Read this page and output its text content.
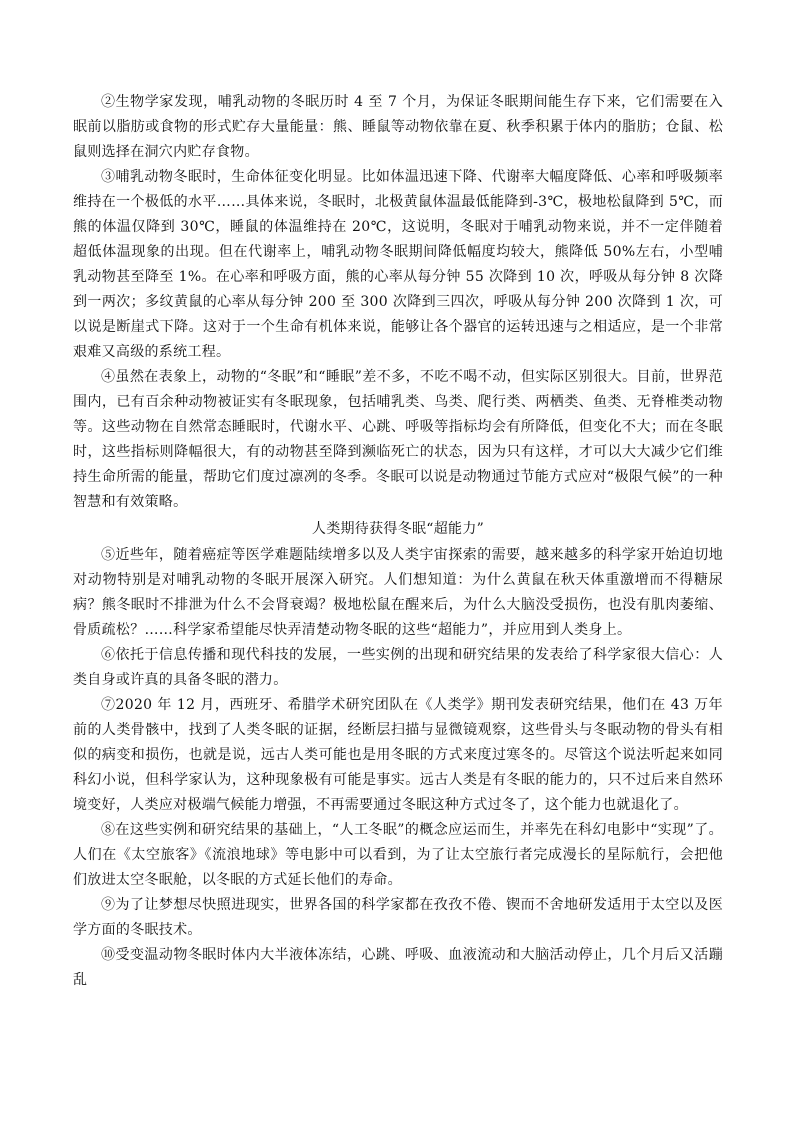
②生物学家发现，哺乳动物的冬眠历时 4 至 7 个月，为保证冬眠期间能生存下来，它们需要在入眠前以脂肪或食物的形式贮存大量能量：熊、睡鼠等动物依靠在夏、秋季积累于体内的脂肪；仓鼠、松鼠则选择在洞穴内贮存食物。

③哺乳动物冬眠时，生命体征变化明显。比如体温迅速下降、代谢率大幅度降低、心率和呼吸频率维持在一个极低的水平……具体来说，冬眠时，北极黄鼠体温最低能降到-3℃，极地松鼠降到 5℃，而熊的体温仅降到 30℃，睡鼠的体温维持在 20℃，这说明，冬眠对于哺乳动物来说，并不一定伴随着超低体温现象的出现。但在代谢率上，哺乳动物冬眠期间降低幅度均较大，熊降低 50%左右，小型哺乳动物甚至降至 1%。在心率和呼吸方面，熊的心率从每分钟 55 次降到 10 次，呼吸从每分钟 8 次降到一两次；多纹黄鼠的心率从每分钟 200 至 300 次降到三四次，呼吸从每分钟 200 次降到 1 次，可以说是断崖式下降。这对于一个生命有机体来说，能够让各个器官的运转迅速与之相适应，是一个非常艰难又高级的系统工程。

④虽然在表象上，动物的“冬眠”和“睡眠”差不多，不吃不喝不动，但实际区别很大。目前，世界范围内，已有百余种动物被证实有冬眠现象，包括哺乳类、鸟类、爬行类、两栖类、鱼类、无脊椎类动物等。这些动物在自然常态睡眠时，代谢水平、心跳、呼吸等指标均会有所降低，但变化不大；而在冬眠时，这些指标则降幅很大，有的动物甚至降到濒临死亡的状态，因为只有这样，才可以大大减少它们维持生命所需的能量，帮助它们度过凛冽的冬季。冬眠可以说是动物通过节能方式应对“极限气候”的一种智慧和有效策略。

人类期待获得冬眠“超能力”

⑤近些年，随着癌症等医学难题陆续增多以及人类宇宙探索的需要，越来越多的科学家开始迫切地对动物特别是对哺乳动物的冬眠开展深入研究。人们想知道：为什么黄鼠在秋天体重激增而不得糖尿病？熊冬眠时不排泄为什么不会肾衰竭？极地松鼠在醒来后，为什么大脑没受损伤，也没有肌肉萎缩、骨质疏松？……科学家希望能尽快弄清楚动物冬眠的这些“超能力”，并应用到人类身上。

⑥依托于信息传播和现代科技的发展，一些实例的出现和研究结果的发表给了科学家很大信心：人类自身或许真的具备冬眠的潜力。

⑦2020 年 12 月，西班牙、希腊学术研究团队在《人类学》期刊发表研究结果，他们在 43 万年前的人类骨骸中，找到了人类冬眠的证据，经断层扫描与显微镜观察，这些骨头与冬眠动物的骨头有相似的病变和损伤，也就是说，远古人类可能也是用冬眠的方式来度过寒冬的。尽管这个说法听起来如同科幻小说，但科学家认为，这种现象极有可能是事实。远古人类是有冬眠的能力的，只不过后来自然环境变好，人类应对极端气候能力增强，不再需要通过冬眠这种方式过冬了，这个能力也就退化了。

⑧在这些实例和研究结果的基础上，“人工冬眠”的概念应运而生，并率先在科幻电影中“实现”了。人们在《太空旅客》《流浪地球》等电影中可以看到，为了让太空旅行者完成漫长的星际航行，会把他们放进太空冬眠舱，以冬眠的方式延长他们的寿命。

⑨为了让梦想尽快照进现实，世界各国的科学家都在孜孜不倦、锲而不舍地研发适用于太空以及医学方面的冬眠技术。

⑩受变温动物冬眠时体内大半液体冻结，心跳、呼吸、血液流动和大脑活动停止，几个月后又活蹦乱
